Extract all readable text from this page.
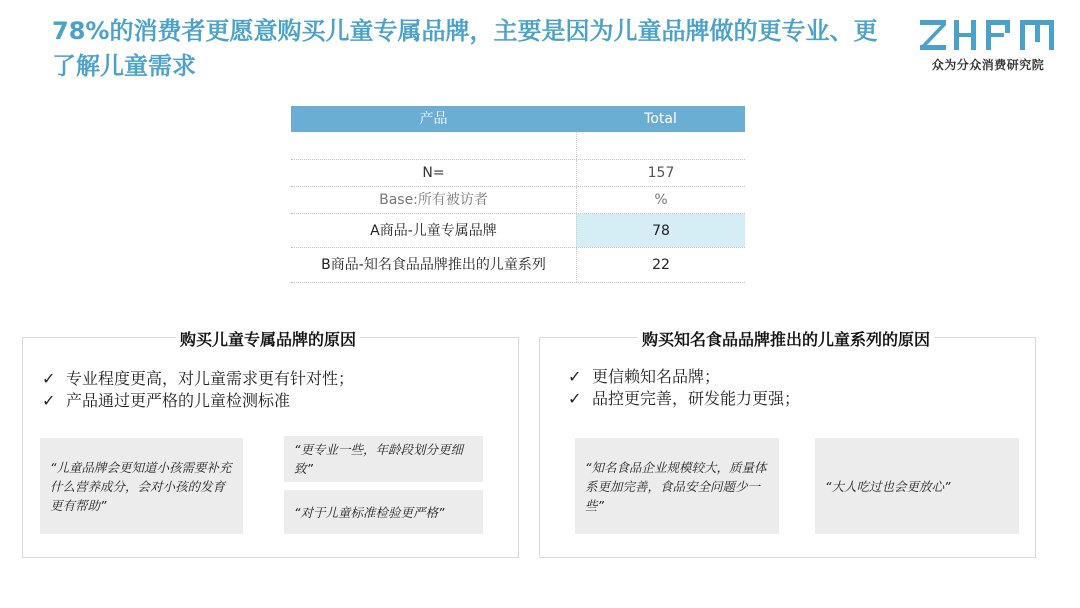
78%的消费者更愿意购买儿童专属品牌，主要是因为儿童品牌做的更专业、更了解儿童需求	众为分众消费研究院
产品	Total
N=	157
Base:所有被访者	%
A商品-儿童专属品牌	78
B商品-知名食品品牌推出的儿童系列	22
购买儿童专属品牌的原因
✓ 专业程度更高，对儿童需求更有针对性；
✓ 产品通过更严格的儿童检测标准
“儿童品牌会更知道小孩需要补充什么营养成分，会对小孩的发育更有帮助”
“更专业一些，年龄段划分更细致”
“对于儿童标准检验更严格”
购买知名食品品牌推出的儿童系列的原因
✓ 更信赖知名品牌；
✓ 品控更完善，研发能力更强；
“知名食品企业规模较大，质量体系更加完善，食品安全问题少一些”
“大人吃过也会更放心”
